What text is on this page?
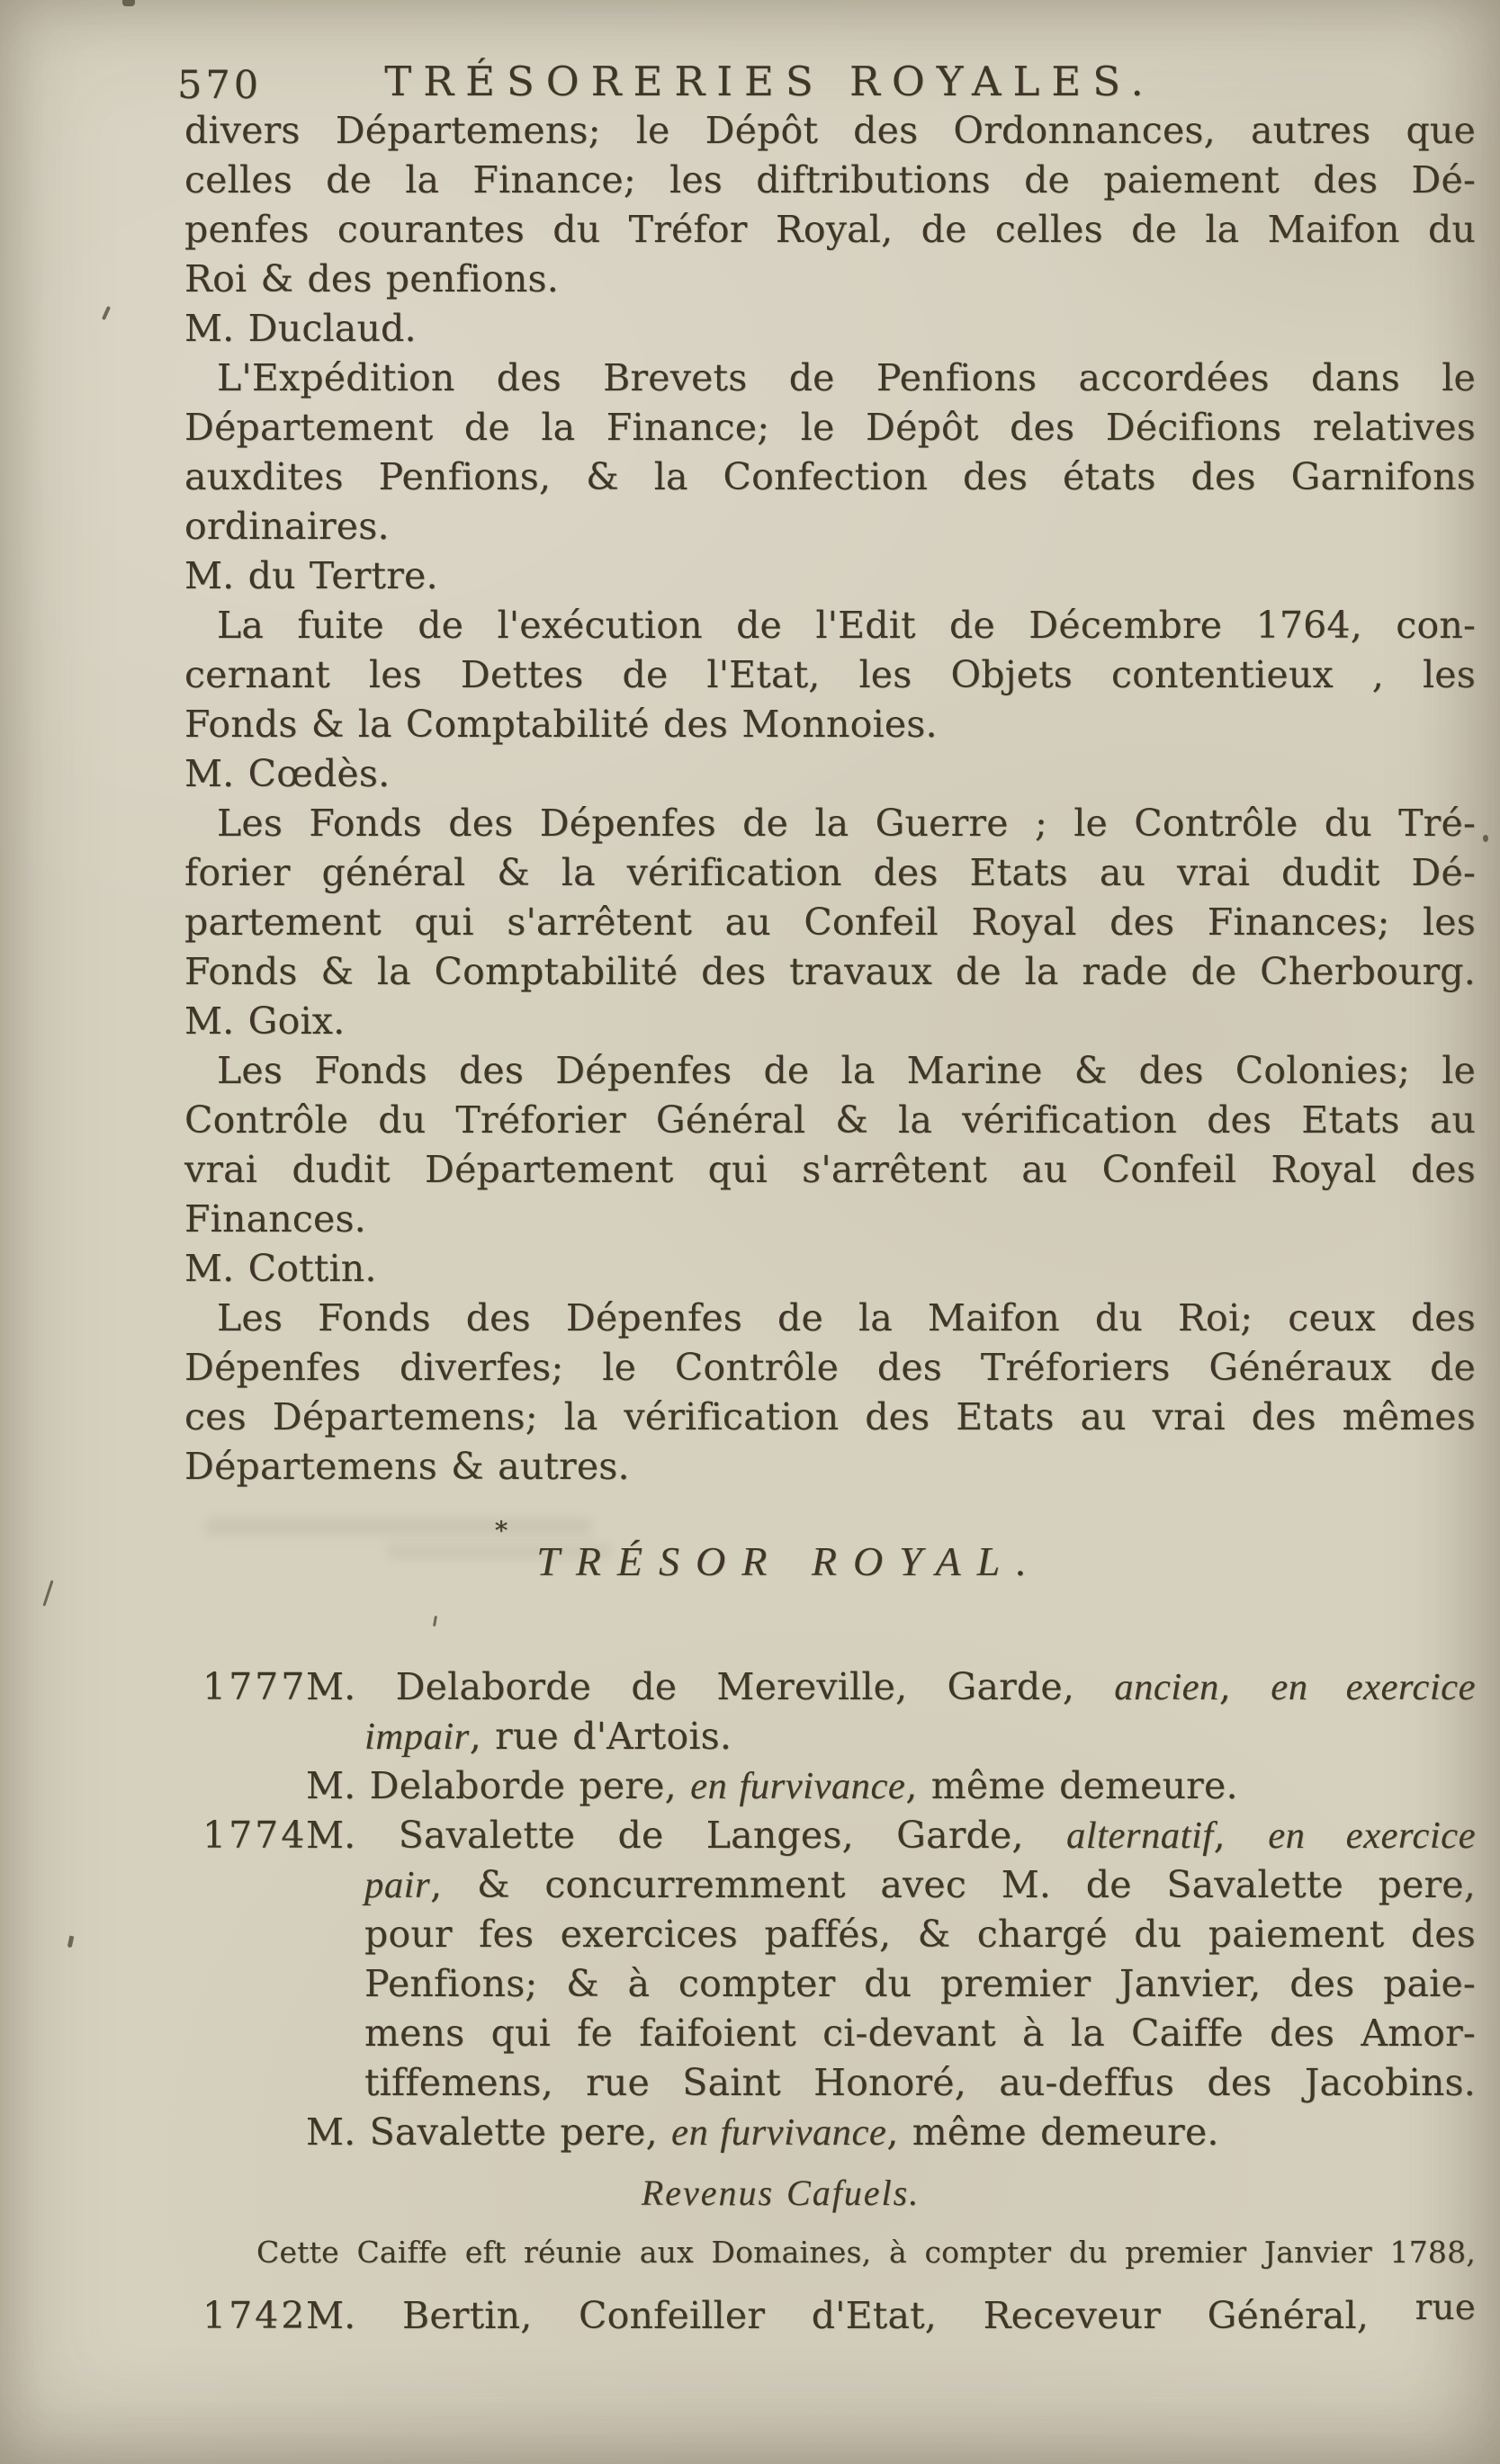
570	TRÉSORERIES ROYALES.
divers Départemens; le Dépôt des Ordonnances, autres que
celles de la Finance; les diftributions de paiement des Dé-
penfes courantes du Tréfor Royal, de celles de la Maifon du
Roi & des penfions.
M. Duclaud.
L'Expédition des Brevets de Penfions accordées dans le
Département de la Finance; le Dépôt des Décifions relatives
auxdites Penfions, & la Confection des états des Garnifons
ordinaires.
M. du Tertre.
La fuite de l'exécution de l'Edit de Décembre 1764, con-
cernant les Dettes de l'Etat, les Objets contentieux , les
Fonds & la Comptabilité des Monnoies.
M. Cœdès.
Les Fonds des Dépenfes de la Guerre ; le Contrôle du Tré-
forier général & la vérification des Etats au vrai dudit Dé-
partement qui s'arrêtent au Confeil Royal des Finances; les
Fonds & la Comptabilité des travaux de la rade de Cherbourg.
M. Goix.
Les Fonds des Dépenfes de la Marine & des Colonies; le
Contrôle du Tréforier Général & la vérification des Etats au
vrai dudit Département qui s'arrêtent au Confeil Royal des
Finances.
M. Cottin.
Les Fonds des Dépenfes de la Maifon du Roi; ceux des
Dépenfes diverfes; le Contrôle des Tréforiers Généraux de
ces Départemens; la vérification des Etats au vrai des mêmes
Départemens & autres.
*
TRÉSOR ROYAL.
1777
M. Delaborde de Mereville, Garde, ancien, en exercice
impair, rue d'Artois.
M. Delaborde pere, en furvivance, même demeure.
1774
M. Savalette de Langes, Garde, alternatif, en exercice
pair, & concurremment avec M. de Savalette pere,
pour fes exercices paffés, & chargé du paiement des
Penfions; & à compter du premier Janvier, des paie-
mens qui fe faifoient ci-devant à la Caiffe des Amor-
tiffemens, rue Saint Honoré, au-deffus des Jacobins.
M. Savalette pere, en furvivance, même demeure.
Revenus Cafuels.
Cette Caiffe eft réunie aux Domaines, à compter du premier Janvier 1788,
1742
M. Bertin, Confeiller d'Etat, Receveur Général, rue
